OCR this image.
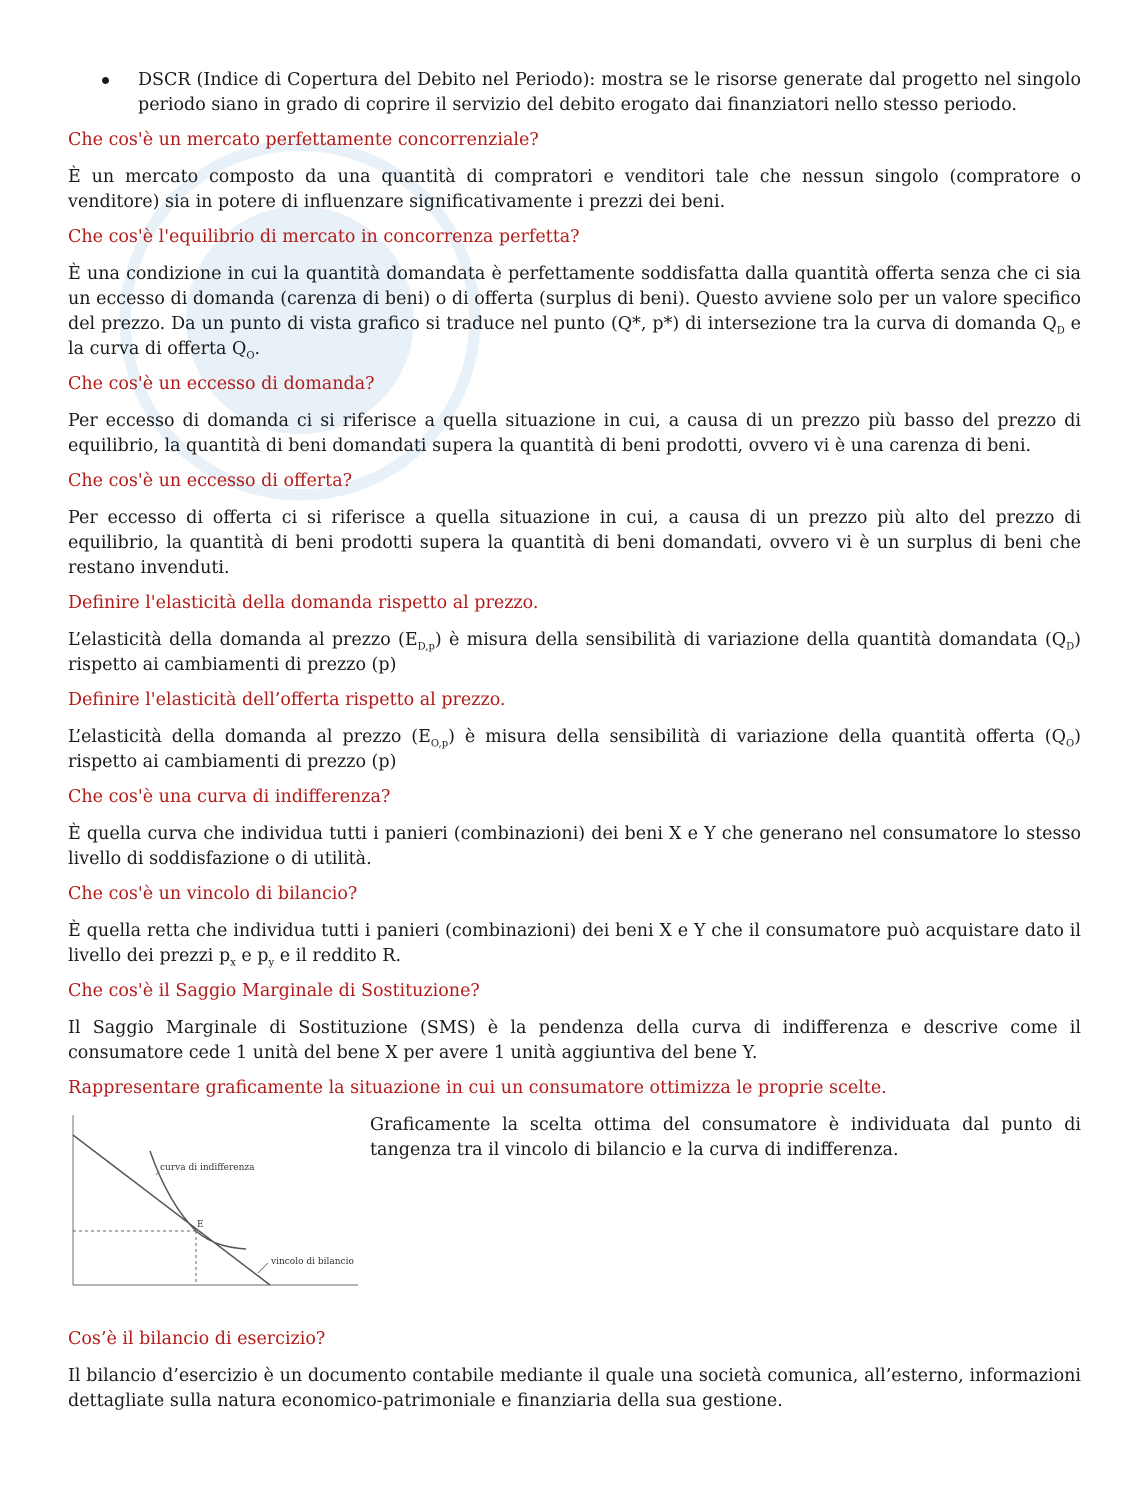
DSCR (Indice di Copertura del Debito nel Periodo): mostra se le risorse generate dal progetto nel singolo periodo siano in grado di coprire il servizio del debito erogato dai finanziatori nello stesso periodo.
Che cos'è un mercato perfettamente concorrenziale?
È un mercato composto da una quantità di compratori e venditori tale che nessun singolo (compratore o venditore) sia in potere di influenzare significativamente i prezzi dei beni.
Che cos'è l'equilibrio di mercato in concorrenza perfetta?
È una condizione in cui la quantità domandata è perfettamente soddisfatta dalla quantità offerta senza che ci sia un eccesso di domanda (carenza di beni) o di offerta (surplus di beni). Questo avviene solo per un valore specifico del prezzo. Da un punto di vista grafico si traduce nel punto (Q*, p*) di intersezione tra la curva di domanda $Q_D$ e la curva di offerta $Q_O$.
Che cos'è un eccesso di domanda?
Per eccesso di domanda ci si riferisce a quella situazione in cui, a causa di un prezzo più basso del prezzo di equilibrio, la quantità di beni domandati supera la quantità di beni prodotti, ovvero vi è una carenza di beni.
Che cos'è un eccesso di offerta?
Per eccesso di offerta ci si riferisce a quella situazione in cui, a causa di un prezzo più alto del prezzo di equilibrio, la quantità di beni prodotti supera la quantità di beni domandati, ovvero vi è un surplus di beni che restano invenduti.
Definire l'elasticità della domanda rispetto al prezzo.
L’elasticità della domanda al prezzo $(E_{D,p})$ è misura della sensibilità di variazione della quantità domandata $(Q_D)$ rispetto ai cambiamenti di prezzo (p)
Definire l'elasticità dell’offerta rispetto al prezzo.
L’elasticità della domanda al prezzo $(E_{O,p})$ è misura della sensibilità di variazione della quantità offerta $(Q_O)$ rispetto ai cambiamenti di prezzo (p)
Che cos'è una curva di indifferenza?
È quella curva che individua tutti i panieri (combinazioni) dei beni X e Y che generano nel consumatore lo stesso livello di soddisfazione o di utilità.
Che cos'è un vincolo di bilancio?
È quella retta che individua tutti i panieri (combinazioni) dei beni X e Y che il consumatore può acquistare dato il livello dei prezzi $p_x$ e $p_y$ e il reddito R.
Che cos'è il Saggio Marginale di Sostituzione?
Il Saggio Marginale di Sostituzione (SMS) è la pendenza della curva di indifferenza e descrive come il consumatore cede 1 unità del bene X per avere 1 unità aggiuntiva del bene Y.
Rappresentare graficamente la situazione in cui un consumatore ottimizza le proprie scelte.
curva di indifferenza
E
vincolo di bilancio
Graficamente la scelta ottima del consumatore è individuata dal punto di tangenza tra il vincolo di bilancio e la curva di indifferenza.
Cos’è il bilancio di esercizio?
Il bilancio d’esercizio è un documento contabile mediante il quale una società comunica, all’esterno, informazioni dettagliate sulla natura economico-patrimoniale e finanziaria della sua gestione.
